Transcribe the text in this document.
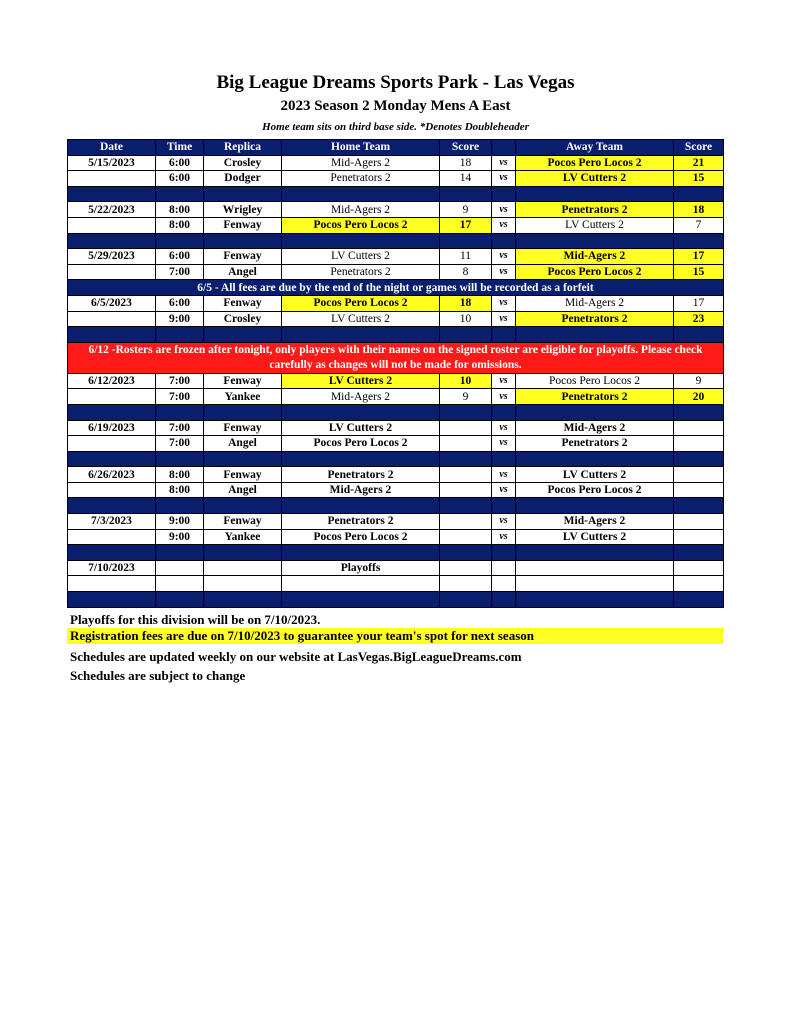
Big League Dreams Sports Park - Las Vegas
2023 Season 2 Monday Mens A East
Home team sits on third base side. *Denotes Doubleheader
Date	Time	Replica	Home Team	Score		Away Team	Score
5/15/2023	6:00	Crosley	Mid-Agers 2	18	vs	Pocos Pero Locos 2	21
	6:00	Dodger	Penetrators 2	14	vs	LV Cutters 2	15

5/22/2023	8:00	Wrigley	Mid-Agers 2	9	vs	Penetrators 2	18
	8:00	Fenway	Pocos Pero Locos 2	17	vs	LV Cutters 2	7

5/29/2023	6:00	Fenway	LV Cutters 2	11	vs	Mid-Agers 2	17
	7:00	Angel	Penetrators 2	8	vs	Pocos Pero Locos 2	15
6/5 - All fees are due by the end of the night or games will be recorded as a forfeit							
6/5/2023	6:00	Fenway	Pocos Pero Locos 2	18	vs	Mid-Agers 2	17
	9:00	Crosley	LV Cutters 2	10	vs	Penetrators 2	23

6/12 -Rosters are frozen after tonight, only players with their names on the signed roster are eligible for playoffs. Please check carefully as changes will not be made for omissions.							
6/12/2023	7:00	Fenway	LV Cutters 2	10	vs	Pocos Pero Locos 2	9
	7:00	Yankee	Mid-Agers 2	9	vs	Penetrators 2	20

6/19/2023	7:00	Fenway	LV Cutters 2		vs	Mid-Agers 2	
	7:00	Angel	Pocos Pero Locos 2		vs	Penetrators 2	

6/26/2023	8:00	Fenway	Penetrators 2		vs	LV Cutters 2	
	8:00	Angel	Mid-Agers 2		vs	Pocos Pero Locos 2	

7/3/2023	9:00	Fenway	Penetrators 2		vs	Mid-Agers 2	
	9:00	Yankee	Pocos Pero Locos 2		vs	LV Cutters 2	

7/10/2023			Playoffs				

Playoffs for this division will be on 7/10/2023.
Registration fees are due on 7/10/2023 to guarantee your team's spot for next season
Schedules are updated weekly on our website at LasVegas.BigLeagueDreams.com
Schedules are subject to change
